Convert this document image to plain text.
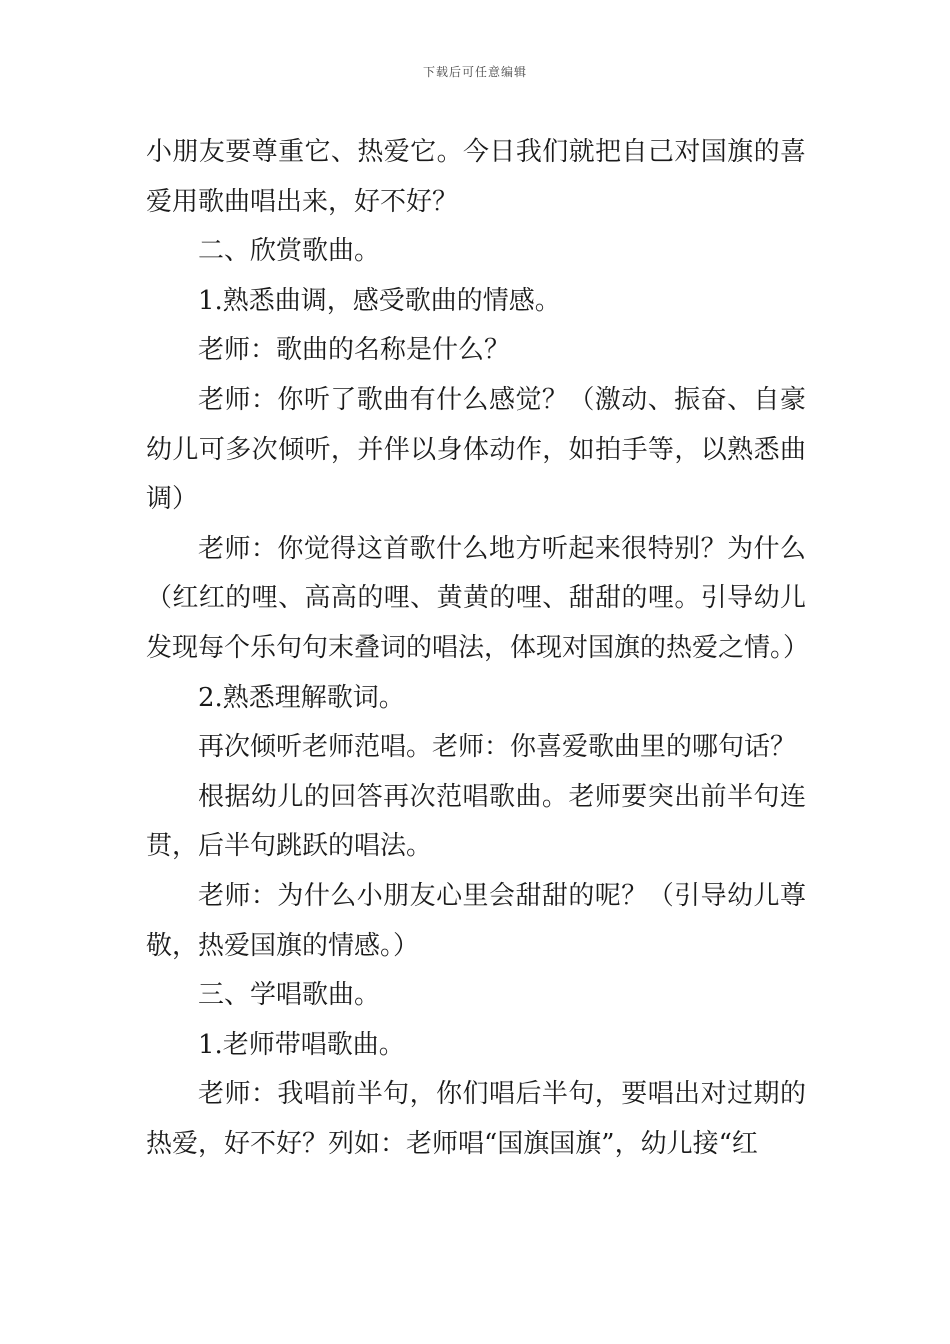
下载后可任意编辑

小朋友要尊重它、热爱它。今日我们就把自己对国旗的喜爱用歌曲唱出来，好不好？

二、欣赏歌曲。

1.熟悉曲调，感受歌曲的情感。

老师：歌曲的名称是什么？

老师：你听了歌曲有什么感觉？（激动、振奋、自豪幼儿可多次倾听，并伴以身体动作，如拍手等，以熟悉曲调）

老师：你觉得这首歌什么地方听起来很特别？为什么（红红的哩、高高的哩、黄黄的哩、甜甜的哩。引导幼儿发现每个乐句句末叠词的唱法，体现对国旗的热爱之情。）

2.熟悉理解歌词。

再次倾听老师范唱。老师：你喜爱歌曲里的哪句话？

根据幼儿的回答再次范唱歌曲。老师要突出前半句连贯，后半句跳跃的唱法。

老师：为什么小朋友心里会甜甜的呢？（引导幼儿尊敬，热爱国旗的情感。）

三、学唱歌曲。

1.老师带唱歌曲。

老师：我唱前半句，你们唱后半句，要唱出对过期的热爱，好不好？列如：老师唱“国旗国旗”，幼儿接“红
